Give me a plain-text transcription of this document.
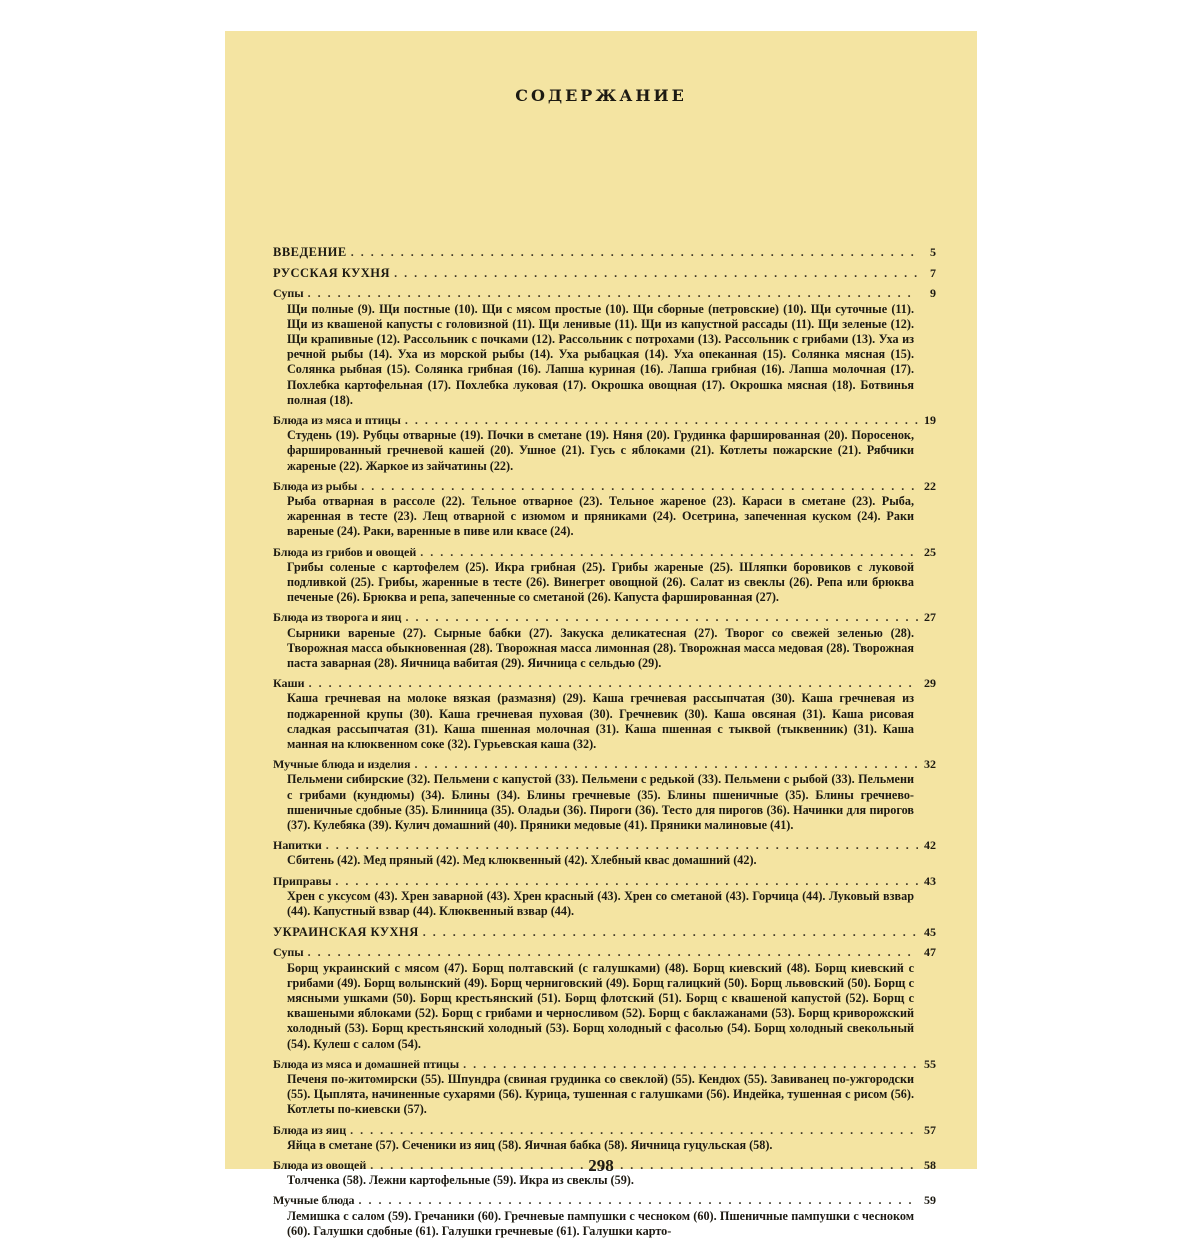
СОДЕРЖАНИЕ
ВВЕДЕНИЕ . . .	5
РУССКАЯ КУХНЯ . . .	7
Супы . . .	9
Щи полные (9). Щи постные (10). Щи с мясом простые (10). Щи сборные (петровские) (10). Щи суточные (11). Щи из квашеной капусты с головизной (11). Щи ленивые (11). Щи из капустной рассады (11). Щи зеленые (12). Щи крапивные (12). Рассольник с почками (12). Рассольник с потрохами (13). Рассольник с грибами (13). Уха из речной рыбы (14). Уха из морской рыбы (14). Уха рыбацкая (14). Уха опеканная (15). Солянка мясная (15). Солянка рыбная (15). Солянка грибная (16). Лапша куриная (16). Лапша грибная (16). Лапша молочная (17). Похлебка картофельная (17). Похлебка луковая (17). Окрошка овощная (17). Окрошка мясная (18). Ботвинья полная (18).
Блюда из мяса и птицы . . .	19
Студень (19). Рубцы отварные (19). Почки в сметане (19). Няня (20). Грудинка фаршированная (20). Поросенок, фаршированный гречневой кашей (20). Ушное (21). Гусь с яблоками (21). Котлеты пожарские (21). Рябчики жареные (22). Жаркое из зайчатины (22).
Блюда из рыбы . . .	22
Рыба отварная в рассоле (22). Тельное отварное (23). Тельное жареное (23). Караси в сметане (23). Рыба, жаренная в тесте (23). Лещ отварной с изюмом и пряниками (24). Осетрина, запеченная куском (24). Раки вареные (24). Раки, варенные в пиве или квасе (24).
Блюда из грибов и овощей . . .	25
Грибы соленые с картофелем (25). Икра грибная (25). Грибы жареные (25). Шляпки боровиков с луковой подливкой (25). Грибы, жаренные в тесте (26). Винегрет овощной (26). Салат из свеклы (26). Репа или брюква печеные (26). Брюква и репа, запеченные со сметаной (26). Капуста фаршированная (27).
Блюда из творога и яиц . . .	27
Сырники вареные (27). Сырные бабки (27). Закуска деликатесная (27). Творог со свежей зеленью (28). Творожная масса обыкновенная (28). Творожная масса лимонная (28). Творожная масса медовая (28). Творожная паста заварная (28). Яичница вабитая (29). Яичница с сельдью (29).
Каши . . .	29
Каша гречневая на молоке вязкая (размазня) (29). Каша гречневая рассыпчатая (30). Каша гречневая из поджаренной крупы (30). Каша гречневая пуховая (30). Гречневик (30). Каша овсяная (31). Каша рисовая сладкая рассыпчатая (31). Каша пшенная молочная (31). Каша пшенная с тыквой (тыквенник) (31). Каша манная на клюквенном соке (32). Гурьевская каша (32).
Мучные блюда и изделия . . .	32
Пельмени сибирские (32). Пельмени с капустой (33). Пельмени с редькой (33). Пельмени с рыбой (33). Пельмени с грибами (кундюмы) (34). Блины (34). Блины гречневые (35). Блины пшеничные (35). Блины гречнево-пшеничные сдобные (35). Блинница (35). Оладьи (36). Пироги (36). Тесто для пирогов (36). Начинки для пирогов (37). Кулебяка (39). Кулич домашний (40). Пряники медовые (41). Пряники малиновые (41).
Напитки . . .	42
Сбитень (42). Мед пряный (42). Мед клюквенный (42). Хлебный квас домашний (42).
Приправы . . .	43
Хрен с уксусом (43). Хрен заварной (43). Хрен красный (43). Хрен со сметаной (43). Горчица (44). Луковый взвар (44). Капустный взвар (44). Клюквенный взвар (44).
УКРАИНСКАЯ КУХНЯ . . .	45
Супы . . .	47
Борщ украинский с мясом (47). Борщ полтавский (с галушками) (48). Борщ киевский (48). Борщ киевский с грибами (49). Борщ волынский (49). Борщ черниговский (49). Борщ галицкий (50). Борщ львовский (50). Борщ с мясными ушками (50). Борщ крестьянский (51). Борщ флотский (51). Борщ с квашеной капустой (52). Борщ с квашеными яблоками (52). Борщ с грибами и черносливом (52). Борщ с баклажанами (53). Борщ криворожский холодный (53). Борщ крестьянский холодный (53). Борщ холодный с фасолью (54). Борщ холодный свекольный (54). Кулеш с салом (54).
Блюда из мяса и домашней птицы . . .	55
Печеня по-житомирски (55). Шпундра (свиная грудинка со свеклой) (55). Кендюх (55). Завиванец по-ужгородски (55). Цыплята, начиненные сухарями (56). Курица, тушенная с галушками (56). Индейка, тушенная с рисом (56). Котлеты по-киевски (57).
Блюда из яиц . . .	57
Яйца в сметане (57). Сеченики из яиц (58). Яичная бабка (58). Яичница гуцульская (58).
Блюда из овощей . . .	58
Толченка (58). Лежни картофельные (59). Икра из свеклы (59).
Мучные блюда . . .	59
Лемишка с салом (59). Гречаники (60). Гречневые пампушки с чесноком (60). Пшеничные пампушки с чесноком (60). Галушки сдобные (61). Галушки гречневые (61). Галушки карто-
298
